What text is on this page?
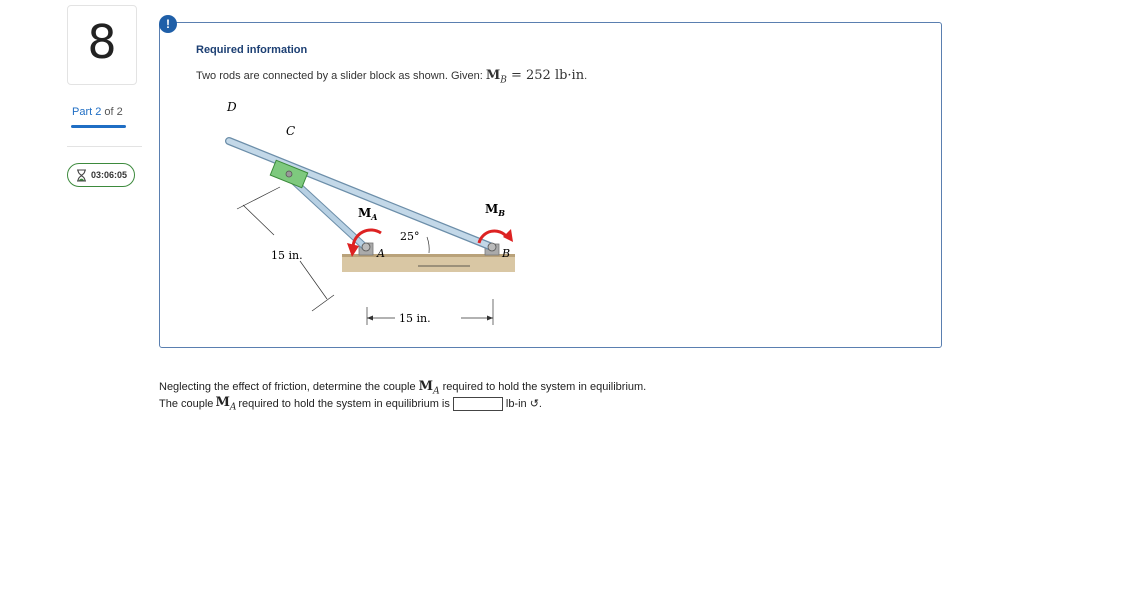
8
Part 2 of 2
03:06:05
Required information
Two rods are connected by a slider block as shown. Given: $M_B = 252$ lb·in.
D
C
$M_A$
$M_B$
A	B
25°
15 in.
15 in.
!
Neglecting the effect of friction, determine the couple $M_A$ required to hold the system in equilibrium.
The couple $M_A$ required to hold the system in equilibrium is	lb-in ↺.
